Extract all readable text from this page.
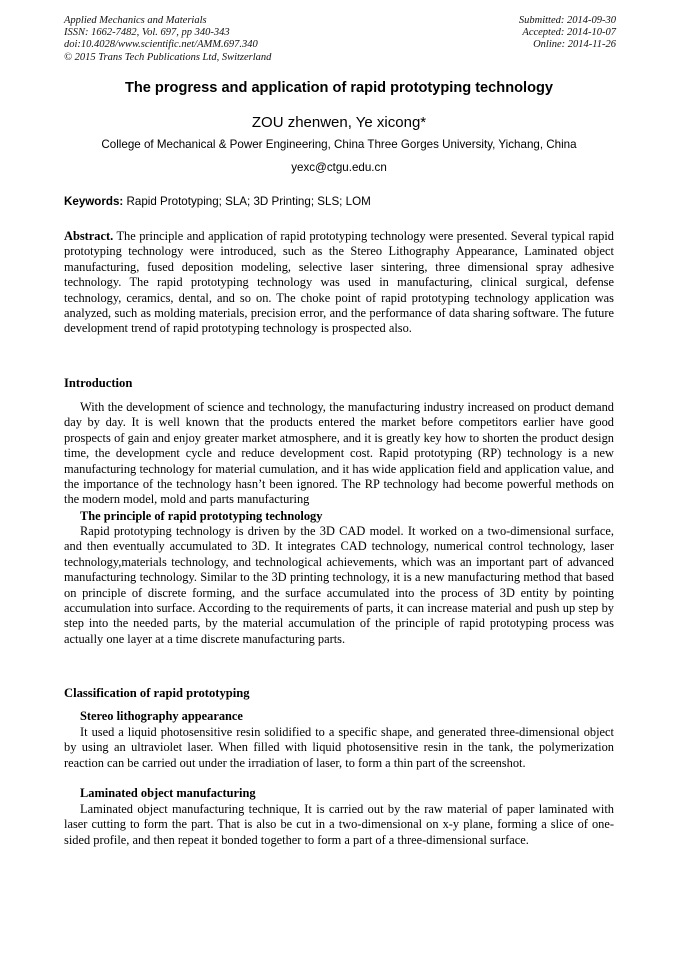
Applied Mechanics and Materials
ISSN: 1662-7482, Vol. 697, pp 340-343
doi:10.4028/www.scientific.net/AMM.697.340
© 2015 Trans Tech Publications Ltd, Switzerland
Submitted: 2014-09-30
Accepted: 2014-10-07
Online: 2014-11-26
The progress and application of rapid prototyping technology
ZOU zhenwen, Ye xicong*
College of Mechanical & Power Engineering, China Three Gorges University, Yichang, China
yexc@ctgu.edu.cn
Keywords: Rapid Prototyping; SLA; 3D Printing; SLS; LOM

Abstract. The principle and application of rapid prototyping technology were presented. Several typical rapid prototyping technology were introduced, such as the Stereo Lithography Appearance, Laminated object manufacturing, fused deposition modeling, selective laser sintering, three dimensional spray adhesive technology. The rapid prototyping technology was used in manufacturing, clinical surgical, defense technology, ceramics, dental, and so on. The choke point of rapid prototyping technology application was analyzed, such as molding materials, precision error, and the performance of data sharing software. The future development trend of rapid prototyping technology is prospected also.

Introduction

With the development of science and technology, the manufacturing industry increased on product demand day by day. It is well known that the products entered the market before competitors earlier have good prospects of gain and enjoy greater market atmosphere, and it is greatly key how to shorten the product design time, the development cycle and reduce development cost. Rapid prototyping (RP) technology is a new manufacturing technology for material cumulation, and it has wide application field and application value, and the importance of the technology hasn’t been ignored. The RP technology had become powerful methods on the modern model, mold and parts manufacturing

The principle of rapid prototyping technology

Rapid prototyping technology is driven by the 3D CAD model. It worked on a two-dimensional surface, and then eventually accumulated to 3D. It integrates CAD technology, numerical control technology, laser technology,materials technology, and technological achievements, which was an important part of advanced manufacturing technology. Similar to the 3D printing technology, it is a new manufacturing method that based on principle of discrete forming, and the surface accumulated into the process of 3D entity by pointing accumulation into surface. According to the requirements of parts, it can increase material and push up step by step into the needed parts, by the material accumulation of the principle of rapid prototyping process was actually one layer at a time discrete manufacturing parts.

Classification of rapid prototyping
Stereo lithography appearance

It used a liquid photosensitive resin solidified to a specific shape, and generated three-dimensional object by using an ultraviolet laser. When filled with liquid photosensitive resin in the tank, the polymerization reaction can be carried out under the irradiation of laser, to form a thin part of the screenshot.

Laminated object manufacturing

Laminated object manufacturing technique, It is carried out by the raw material of paper laminated with laser cutting to form the part. That is also be cut in a two-dimensional on x-y plane, forming a slice of one-sided profile, and then repeat it bonded together to form a part of a three-dimensional surface.
